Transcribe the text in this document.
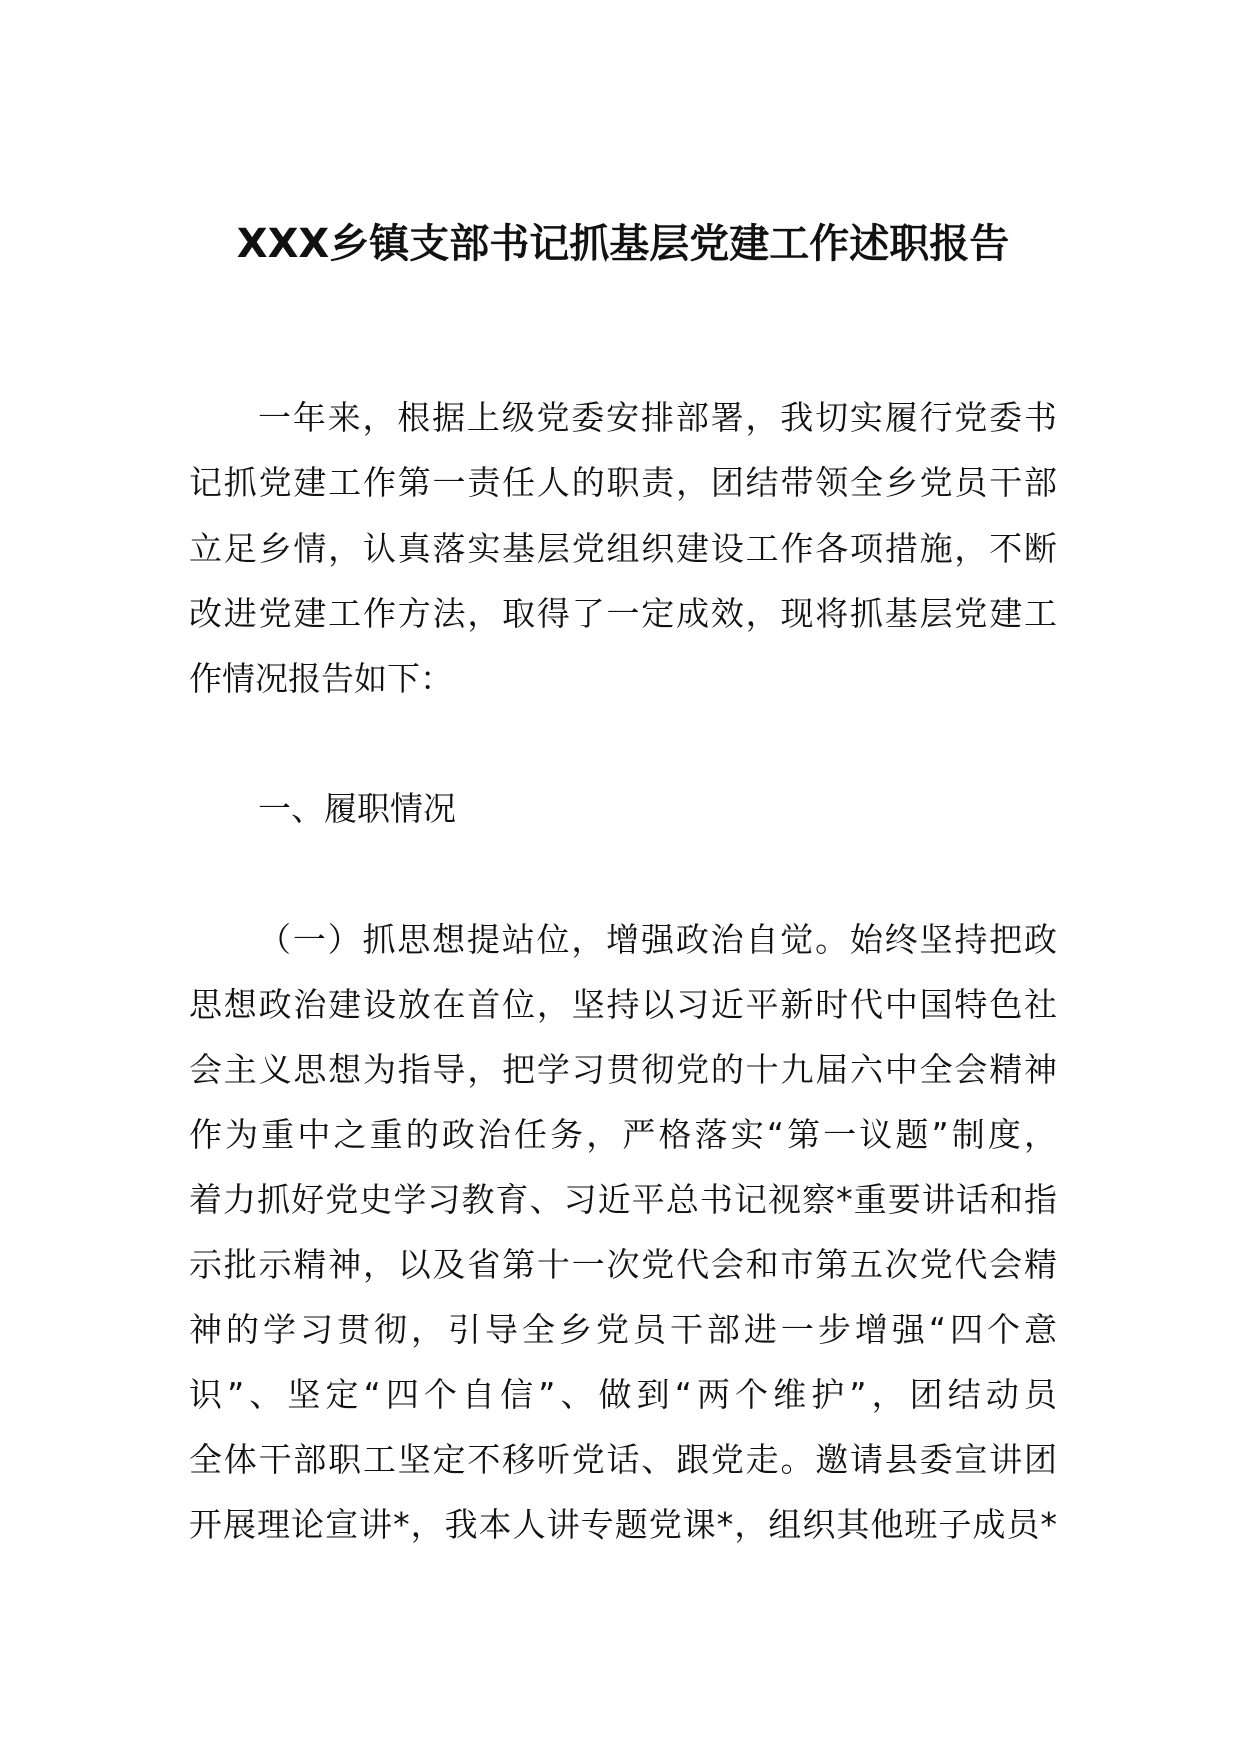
XXX乡镇支部书记抓基层党建工作述职报告
一年来，根据上级党委安排部署，我切实履行党委书
记抓党建工作第一责任人的职责，团结带领全乡党员干部
立足乡情，认真落实基层党组织建设工作各项措施，不断
改进党建工作方法，取得了一定成效，现将抓基层党建工
作情况报告如下：
一、履职情况
（一）抓思想提站位，增强政治自觉。始终坚持把政
思想政治建设放在首位，坚持以习近平新时代中国特色社
会主义思想为指导，把学习贯彻党的十九届六中全会精神
作为重中之重的政治任务，严格落实“第一议题”制度，
着力抓好党史学习教育、习近平总书记视察*重要讲话和指
示批示精神，以及省第十一次党代会和市第五次党代会精
神的学习贯彻，引导全乡党员干部进一步增强“四个意
识”、坚定“四个自信”、做到“两个维护”，团结动员
全体干部职工坚定不移听党话、跟党走。邀请县委宣讲团
开展理论宣讲*，我本人讲专题党课*，组织其他班子成员*
